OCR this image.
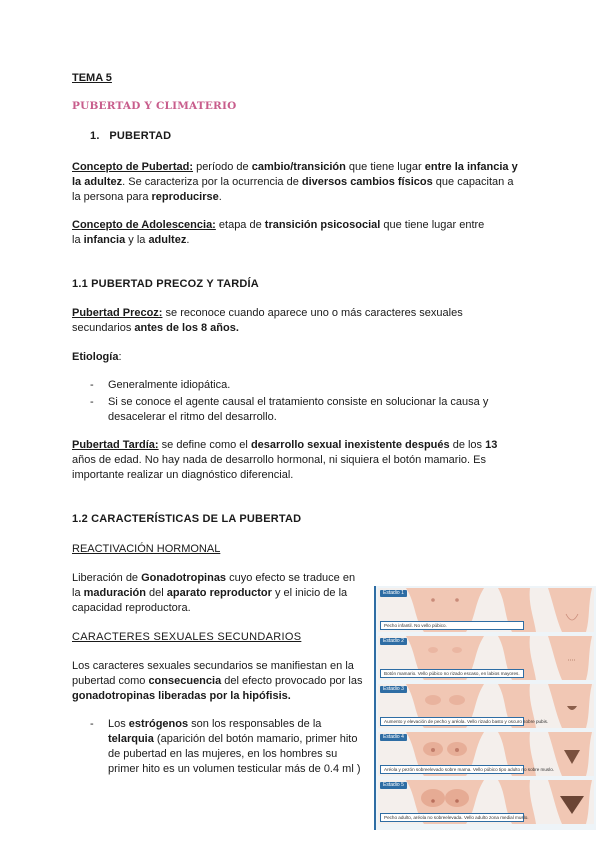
TEMA 5
PUBERTAD Y CLIMATERIO
1. PUBERTAD
Concepto de Pubertad: período de cambio/transición que tiene lugar entre la infancia y
la adultez. Se caracteriza por la ocurrencia de diversos cambios físicos que capacitan a
la persona para reproducirse.
Concepto de Adolescencia: etapa de transición psicosocial que tiene lugar entre
la infancia y la adultez.
1.1 PUBERTAD PRECOZ Y TARDÍA
Pubertad Precoz: se reconoce cuando aparece uno o más caracteres sexuales
secundarios antes de los 8 años.
Etiología:
- Generalmente idiopática.
- Si se conoce el agente causal el tratamiento consiste en solucionar la causa y
desacelerar el ritmo del desarrollo.
Pubertad Tardía: se define como el desarrollo sexual inexistente después de los 13
años de edad. No hay nada de desarrollo hormonal, ni siquiera el botón mamario. Es
importante realizar un diagnóstico diferencial.
1.2 CARACTERÍSTICAS DE LA PUBERTAD
REACTIVACIÓN HORMONAL
Liberación de Gonadotropinas cuyo efecto se traduce en
la maduración del aparato reproductor y el inicio de la
capacidad reproductora.
CARACTERES SEXUALES SECUNDARIOS
Los caracteres sexuales secundarios se manifiestan en la
pubertad como consecuencia del efecto provocado por las
gonadotropinas liberadas por la hipófisis.
- Los estrógenos son los responsables de la
telarquia (aparición del botón mamario, primer hito
de pubertad en las mujeres, en los hombres su
primer hito es un volumen testicular más de 0.4 ml )
Estadio 1
Pecho infantil. No vello púbico.
Estadio 2
Botón mamario. Vello púbico no rizado escaso, en labios mayores.
Estadio 3
Aumento y elevación de pecho y aréola. Vello rizado basto y oscuro sobre pubis.
Estadio 4
Aréola y pezón sobreelevado sobre mama. Vello púbico tipo adulto no sobre muslo.
Estadio 5
Pecho adulto, aréola no sobreelevada. Vello adulto zona medial muslo.
